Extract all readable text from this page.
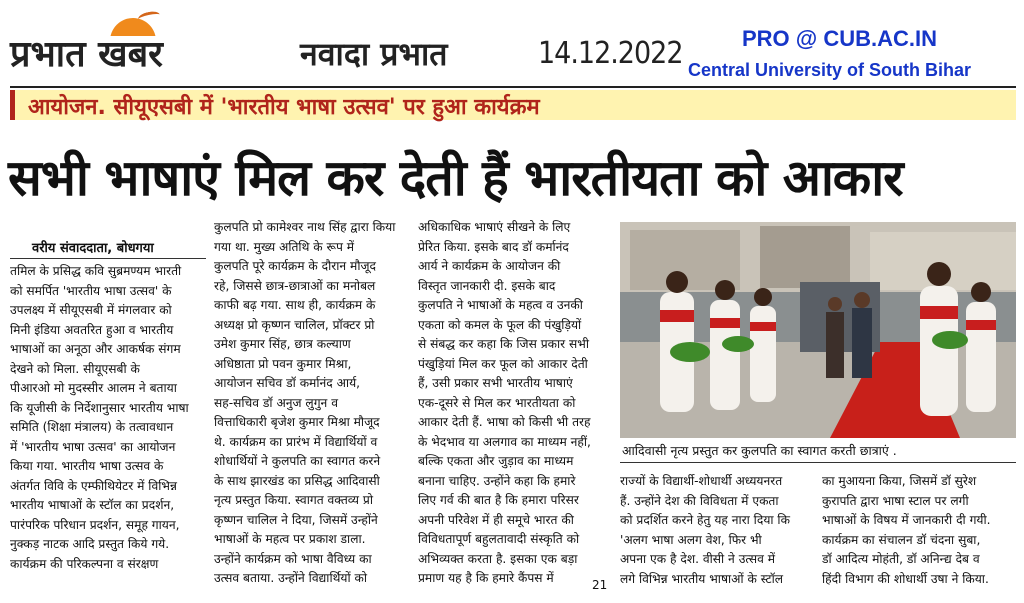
प्रभात खबर	नवादा प्रभात	14.12.2022	PRO @ CUB.AC.IN
Central University of South Bihar
आयोजन. सीयूएसबी में 'भारतीय भाषा उत्सव' पर हुआ कार्यक्रम
सभी भाषाएं मिल कर देती हैं भारतीयता को आकार
वरीय संवाददाता, बोधगया
तमिल के प्रसिद्ध कवि सुब्रमण्यम भारती
को समर्पित 'भारतीय भाषा उत्सव' के
उपलक्ष्य में सीयूएसबी में मंगलवार को
मिनी इंडिया अवतरित हुआ व भारतीय
भाषाओं का अनूठा और आकर्षक संगम
देखने को मिला. सीयूएसबी के
पीआरओ मो मुदस्सीर आलम ने बताया
कि यूजीसी के निर्देशानुसार भारतीय भाषा
समिति (शिक्षा मंत्रालय) के तत्वावधान
में 'भारतीय भाषा उत्सव' का आयोजन
किया गया. भारतीय भाषा उत्सव के
अंतर्गत विवि के एम्फीथियेटर में विभिन्न
भारतीय भाषाओं के स्टॉल का प्रदर्शन,
पारंपरिक परिधान प्रदर्शन, समूह गायन,
नुक्कड़ नाटक आदि प्रस्तुत किये गये.
कार्यक्रम की परिकल्पना व संरक्षण
कुलपति प्रो कामेश्वर नाथ सिंह द्वारा किया
गया था. मुख्य अतिथि के रूप में
कुलपति पूरे कार्यक्रम के दौरान मौजूद
रहे, जिससे छात्र-छात्राओं का मनोबल
काफी बढ़ गया. साथ ही, कार्यक्रम के
अध्यक्ष प्रो कृष्णन चालिल, प्रॉक्टर प्रो
उमेश कुमार सिंह, छात्र कल्याण
अधिष्ठाता प्रो पवन कुमार मिश्रा,
आयोजन सचिव डॉ कर्मानंद आर्य,
सह-सचिव डॉ अनुज लुगुन व
वित्ताधिकारी बृजेश कुमार मिश्रा मौजूद
थे. कार्यक्रम का प्रारंभ में विद्यार्थियों व
शोधार्थियों ने कुलपति का स्वागत करने
के साथ झारखंड का प्रसिद्ध आदिवासी
नृत्य प्रस्तुत किया. स्वागत वक्तव्य प्रो
कृष्णन चालिल ने दिया, जिसमें उन्होंने
भाषाओं के महत्व पर प्रकाश डाला.
उन्होंने कार्यक्रम को भाषा वैविध्य का
उत्सव बताया. उन्होंने विद्यार्थियों को
अधिकाधिक भाषाएं सीखने के लिए
प्रेरित किया. इसके बाद डॉ कर्मानंद
आर्य ने कार्यक्रम के आयोजन की
विस्तृत जानकारी दी. इसके बाद
कुलपति ने भाषाओं के महत्व व उनकी
एकता को कमल के फूल की पंखुड़ियों
से संबद्ध कर कहा कि जिस प्रकार सभी
पंखुड़ियां मिल कर फूल को आकार देती
हैं, उसी प्रकार सभी भारतीय भाषाएं
एक-दूसरे से मिल कर भारतीयता को
आकार देती हैं. भाषा को किसी भी तरह
के भेदभाव या अलगाव का माध्यम नहीं,
बल्कि एकता और जुड़ाव का माध्यम
बनाना चाहिए. उन्होंने कहा कि हमारे
लिए गर्व की बात है कि हमारा परिसर
अपनी परिवेश में ही समूचे भारत की
विविधतापूर्ण बहुलतावादी संस्कृति को
अभिव्यक्त करता है. इसका एक बड़ा
प्रमाण यह है कि हमारे कैंपस में
राज्यों के विद्यार्थी-शोधार्थी अध्ययनरत
हैं. उन्होंने देश की विविधता में एकता
को प्रदर्शित करने हेतु यह नारा दिया कि
'अलग भाषा अलग वेश, फिर भी
अपना एक है देश. वीसी ने उत्सव में
लगे विभिन्न भारतीय भाषाओं के स्टॉल
का मुआयना किया, जिसमें डॉ सुरेश
कुरापति द्वारा भाषा स्टाल पर लगी
भाषाओं के विषय में जानकारी दी गयी.
कार्यक्रम का संचालन डॉ चंदना सुबा,
डॉ आदित्य मोहंती, डॉ अनिन्द्य देब व
हिंदी विभाग की शोधार्थी उषा ने किया.
आदिवासी नृत्य प्रस्तुत कर कुलपति का स्वागत करती छात्राएं .
21
